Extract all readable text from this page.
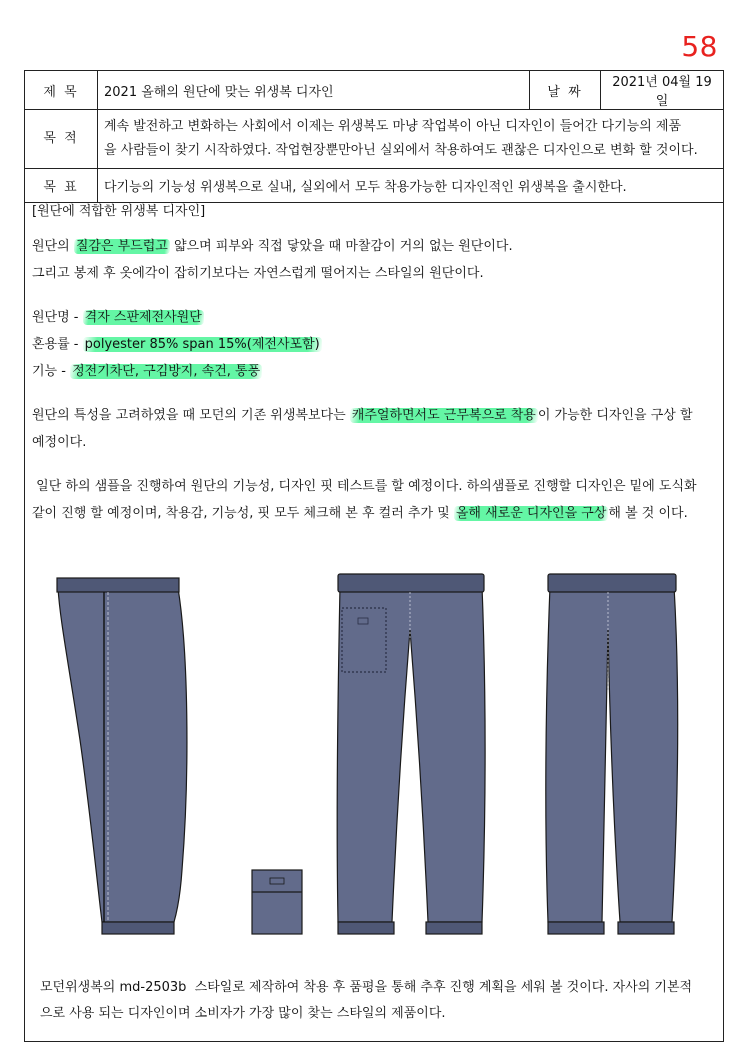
58
제 목	2021 올해의 원단에 맞는 위생복 디자인	날 짜	2021년 04월 19일
목 적	계속 발전하고 변화하는 사회에서 이제는 위생복도 마냥 작업복이 아닌 디자인이 들어간 다기능의 제품
을 사람들이 찾기 시작하였다. 작업현장뿐만아닌 실외에서 착용하여도 괜찮은 디자인으로 변화 할 것이다.		

목 표	다기능의 기능성 위생복으로 실내, 실외에서 모두 착용가능한 디자인적인 위생복을 출시한다.		

[원단에 적합한 위생복 디자인]

원단의 질감은 부드럽고 얇으며 피부와 직접 닿았을 때 마찰감이 거의 없는 원단이다.

그리고 봉제 후 옷에각이 잡히기보다는 자연스럽게 떨어지는 스타일의 원단이다.

원단명 - 격자 스판제전사원단

혼용률 - polyester 85% span 15%(제전사포함)

기능 - 정전기차단, 구김방지, 속건, 통풍

원단의 특성을 고려하였을 때 모던의 기존 위생복보다는 캐주얼하면서도 근무복으로 착용 이 가능한 디자인을 구상 할

예정이다.

일단 하의 샘플을 진행하여 원단의 기능성, 디자인 핏 테스트를 할 예정이다. 하의샘플로 진행할 디자인은 밑에 도식화

같이 진행 할 예정이며, 착용감, 기능성, 핏 모두 체크해 본 후 컬러 추가 및 올해 새로운 디자인을 구상 해 볼 것 이다.

모던위생복의 md-2503b  스타일로 제작하여 착용 후 품평을 통해 추후 진행 계획을 세워 볼 것이다. 자사의 기본적
으로 사용 되는 디자인이며 소비자가 가장 많이 찾는 스타일의 제품이다.
